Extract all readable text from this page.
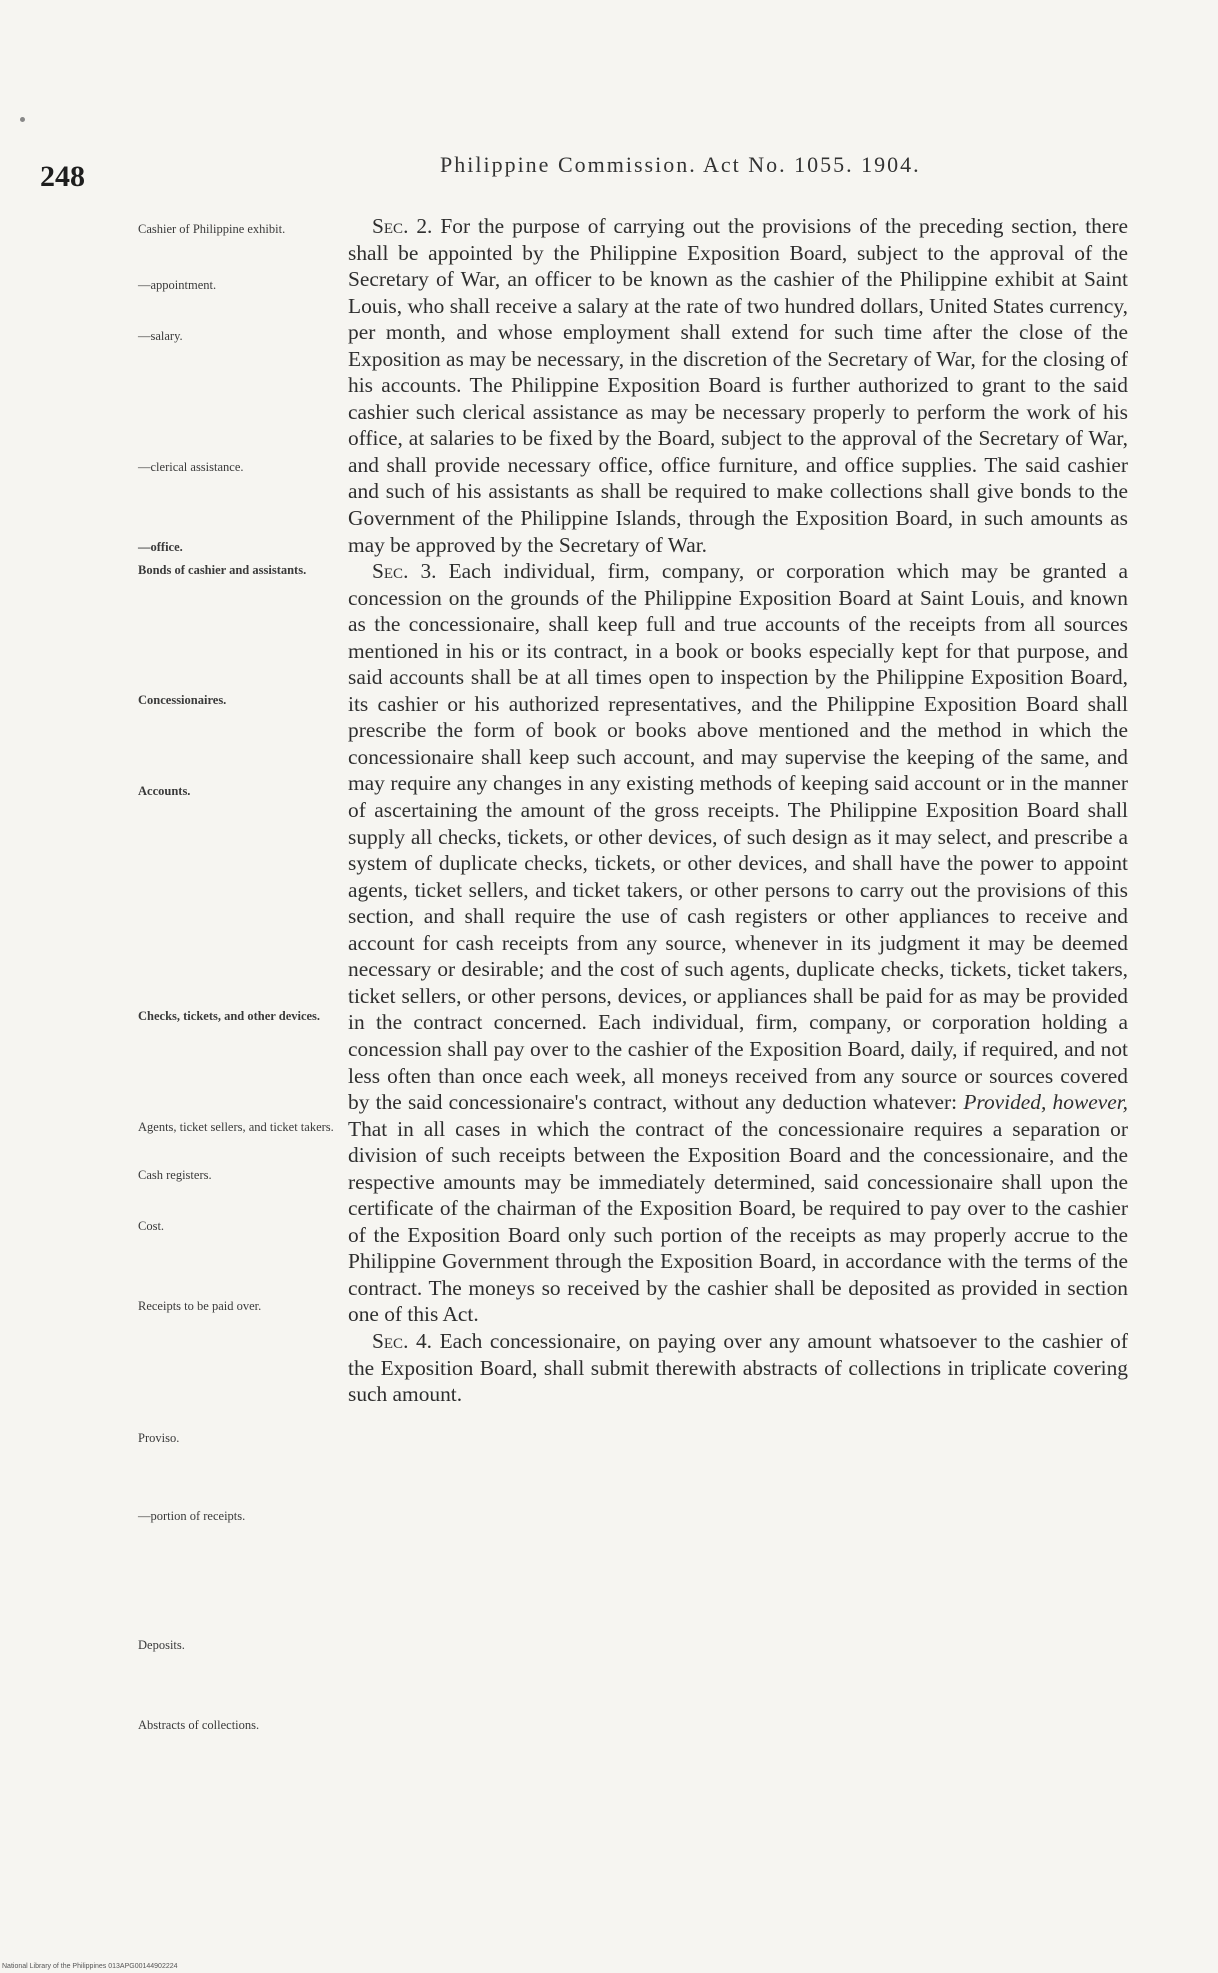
248	Philippine Commission. Act No. 1055. 1904.
Cashier of Philippine exhibit.
—appointment.
—salary.
—clerical assistance.
—office.
Bonds of cashier and assistants.
Concessionaires.
Accounts.
Checks, tickets, and other devices.
Agents, ticket sellers, and ticket takers.
Cash registers.
Cost.
Receipts to be paid over.
Proviso.
—portion of receipts.
Deposits.
Abstracts of collections.

Sec. 2. For the purpose of carrying out the provisions of the preceding section, there shall be appointed by the Philippine Exposition Board, subject to the approval of the Secretary of War, an officer to be known as the cashier of the Philippine exhibit at Saint Louis, who shall receive a salary at the rate of two hundred dollars, United States currency, per month, and whose employment shall extend for such time after the close of the Exposition as may be necessary, in the discretion of the Secretary of War, for the closing of his accounts. The Philippine Exposition Board is further authorized to grant to the said cashier such clerical assistance as may be necessary properly to perform the work of his office, at salaries to be fixed by the Board, subject to the approval of the Secretary of War, and shall provide necessary office, office furniture, and office supplies. The said cashier and such of his assistants as shall be required to make collections shall give bonds to the Government of the Philippine Islands, through the Exposition Board, in such amounts as may be approved by the Secretary of War.

Sec. 3. Each individual, firm, company, or corporation which may be granted a concession on the grounds of the Philippine Exposition Board at Saint Louis, and known as the concessionaire, shall keep full and true accounts of the receipts from all sources mentioned in his or its contract, in a book or books especially kept for that purpose, and said accounts shall be at all times open to inspection by the Philippine Exposition Board, its cashier or his authorized representatives, and the Philippine Exposition Board shall prescribe the form of book or books above mentioned and the method in which the concessionaire shall keep such account, and may supervise the keeping of the same, and may require any changes in any existing methods of keeping said account or in the manner of ascertaining the amount of the gross receipts. The Philippine Exposition Board shall supply all checks, tickets, or other devices, of such design as it may select, and prescribe a system of duplicate checks, tickets, or other devices, and shall have the power to appoint agents, ticket sellers, and ticket takers, or other persons to carry out the provisions of this section, and shall require the use of cash registers or other appliances to receive and account for cash receipts from any source, whenever in its judgment it may be deemed necessary or desirable; and the cost of such agents, duplicate checks, tickets, ticket takers, ticket sellers, or other persons, devices, or appliances shall be paid for as may be provided in the contract concerned. Each individual, firm, company, or corporation holding a concession shall pay over to the cashier of the Exposition Board, daily, if required, and not less often than once each week, all moneys received from any source or sources covered by the said concessionaire's contract, without any deduction whatever: Provided, however, That in all cases in which the contract of the concessionaire requires a separation or division of such receipts between the Exposition Board and the concessionaire, and the respective amounts may be immediately determined, said concessionaire shall upon the certificate of the chairman of the Exposition Board, be required to pay over to the cashier of the Exposition Board only such portion of the receipts as may properly accrue to the Philippine Government through the Exposition Board, in accordance with the terms of the contract. The moneys so received by the cashier shall be deposited as provided in section one of this Act.

Sec. 4. Each concessionaire, on paying over any amount whatsoever to the cashier of the Exposition Board, shall submit therewith abstracts of collections in triplicate covering such amount.

National Library of the Philippines 013APG00144902224
